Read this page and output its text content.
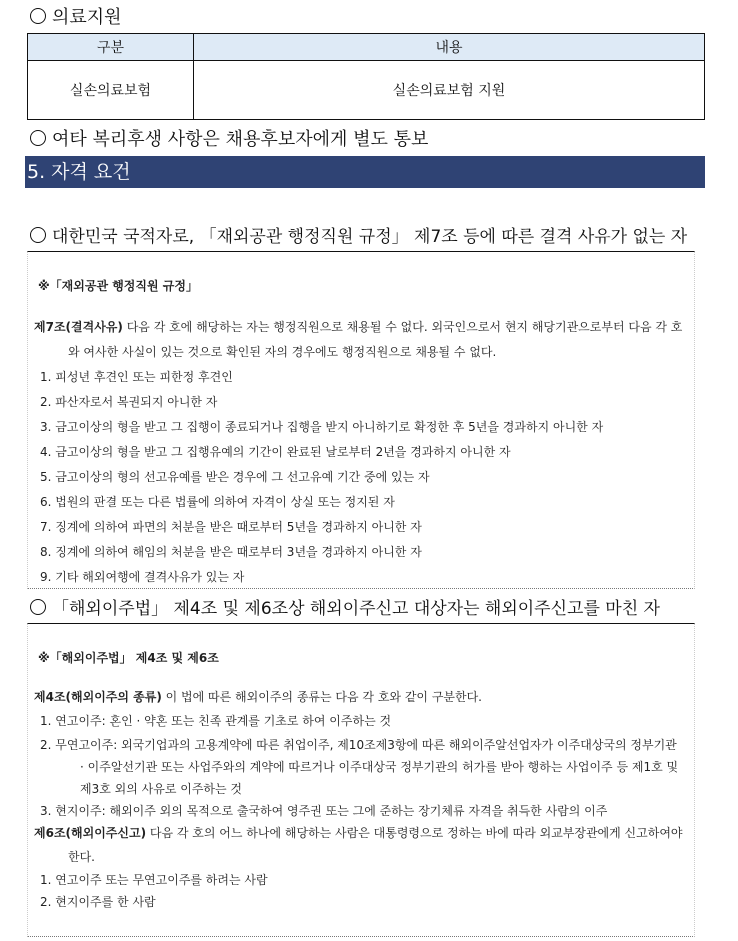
의료지원
구분	내용
실손의료보험	실손의료보험 지원
여타 복리후생 사항은 채용후보자에게 별도 통보
5. 자격 요건
대한민국 국적자로, 「재외공관 행정직원 규정」 제7조 등에 따른 결격 사유가 없는 자
※「재외공관 행정직원 규정」
제7조(결격사유) 다음 각 호에 해당하는 자는 행정직원으로 채용될 수 없다. 외국인으로서 현지 해당기관으로부터 다음 각 호
와 여사한 사실이 있는 것으로 확인된 자의 경우에도 행정직원으로 채용될 수 없다.
1. 피성년 후견인 또는 피한정 후견인
2. 파산자로서 복권되지 아니한 자
3. 금고이상의 형을 받고 그 집행이 종료되거나 집행을 받지 아니하기로 확정한 후 5년을 경과하지 아니한 자
4. 금고이상의 형을 받고 그 집행유예의 기간이 완료된 날로부터 2년을 경과하지 아니한 자
5. 금고이상의 형의 선고유예를 받은 경우에 그 선고유예 기간 중에 있는 자
6. 법원의 판결 또는 다른 법률에 의하여 자격이 상실 또는 정지된 자
7. 징계에 의하여 파면의 처분을 받은 때로부터 5년을 경과하지 아니한 자
8. 징계에 의하여 해임의 처분을 받은 때로부터 3년을 경과하지 아니한 자
9. 기타 해외여행에 결격사유가 있는 자
「해외이주법」 제4조 및 제6조상 해외이주신고 대상자는 해외이주신고를 마친 자
※「해외이주법」 제4조 및 제6조
제4조(해외이주의 종류) 이 법에 따른 해외이주의 종류는 다음 각 호와 같이 구분한다.
1. 연고이주: 혼인 · 약혼 또는 친족 관계를 기초로 하여 이주하는 것
2. 무연고이주: 외국기업과의 고용계약에 따른 취업이주, 제10조제3항에 따른 해외이주알선업자가 이주대상국의 정부기관
· 이주알선기관 또는 사업주와의 계약에 따르거나 이주대상국 정부기관의 허가를 받아 행하는 사업이주 등 제1호 및
제3호 외의 사유로 이주하는 것
3. 현지이주: 해외이주 외의 목적으로 출국하여 영주권 또는 그에 준하는 장기체류 자격을 취득한 사람의 이주
제6조(해외이주신고) 다음 각 호의 어느 하나에 해당하는 사람은 대통령령으로 정하는 바에 따라 외교부장관에게 신고하여야
한다.
1. 연고이주 또는 무연고이주를 하려는 사람
2. 현지이주를 한 사람
